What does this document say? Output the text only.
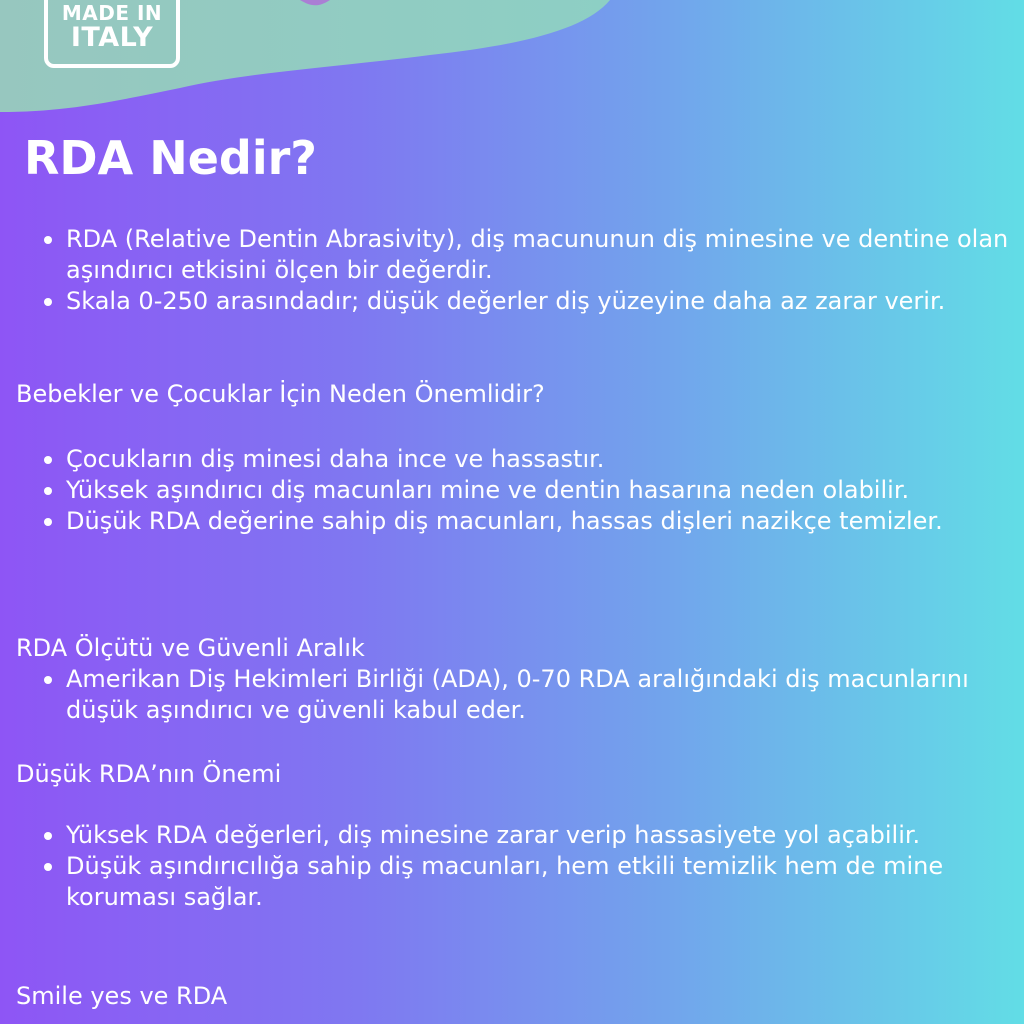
MADE IN
ITALY
RDA Nedir?
RDA (Relative Dentin Abrasivity), diş macununun diş minesine ve dentine olan aşındırıcı etkisini ölçen bir değerdir.
Skala 0-250 arasındadır; düşük değerler diş yüzeyine daha az zarar verir.
Bebekler ve Çocuklar İçin Neden Önemlidir?
Çocukların diş minesi daha ince ve hassastır.
Yüksek aşındırıcı diş macunları mine ve dentin hasarına neden olabilir.
Düşük RDA değerine sahip diş macunları, hassas dişleri nazikçe temizler.
RDA Ölçütü ve Güvenli Aralık
Amerikan Diş Hekimleri Birliği (ADA), 0-70 RDA aralığındaki diş macunlarını düşük aşındırıcı ve güvenli kabul eder.
Düşük RDA’nın Önemi
Yüksek RDA değerleri, diş minesine zarar verip hassasiyete yol açabilir.
Düşük aşındırıcılığa sahip diş macunları, hem etkili temizlik hem de mine koruması sağlar.
Smile yes ve RDA
